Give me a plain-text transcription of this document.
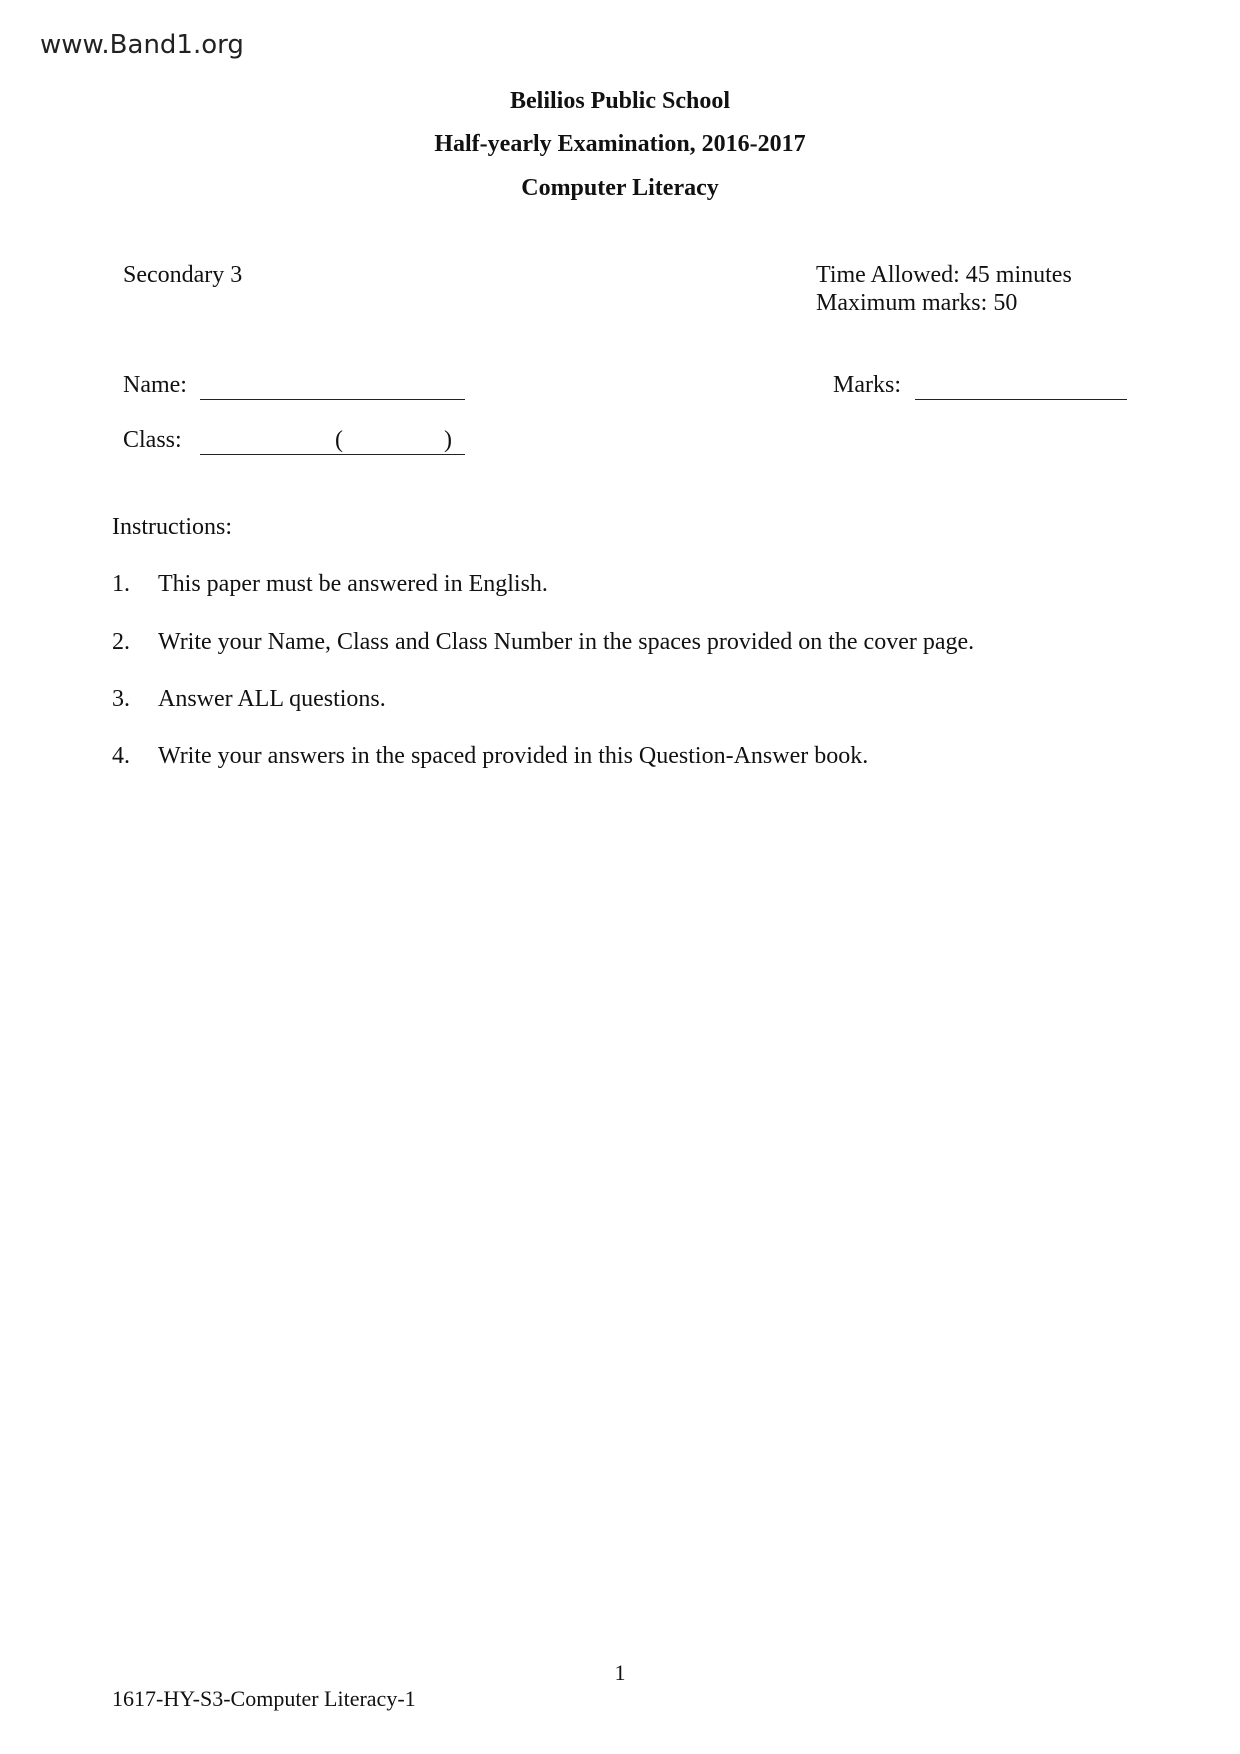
www.Band1.org
Belilios Public School
Half-yearly Examination, 2016-2017
Computer Literacy
Secondary 3	Time Allowed: 45 minutes
Maximum marks: 50
Name:	Marks:
Class:	(	)
Instructions:
1. This paper must be answered in English.
2. Write your Name, Class and Class Number in the spaces provided on the cover page.
3. Answer ALL questions.
4. Write your answers in the spaced provided in this Question-Answer book.
1
1617-HY-S3-Computer Literacy-1
